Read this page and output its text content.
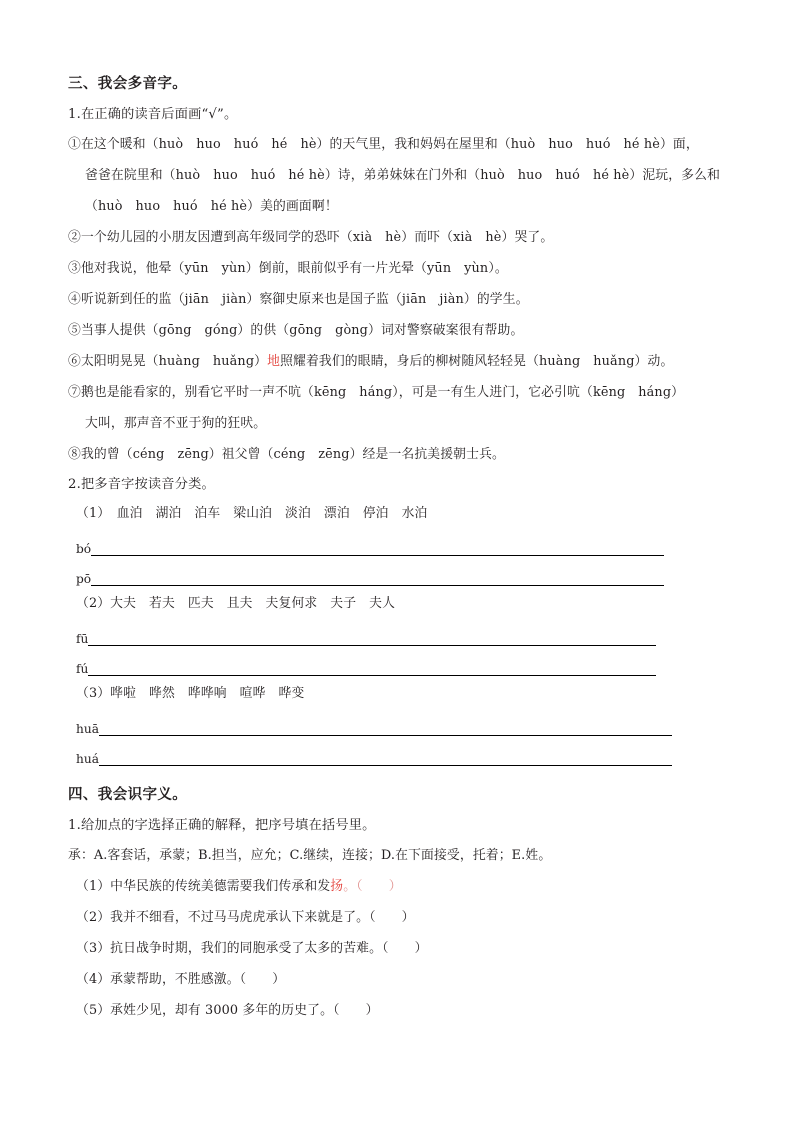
三、我会多音字。

1.在正确的读音后面画“√”。

①在这个暖和（huò　huo　huó　hé　hè）的天气里，我和妈妈在屋里和（huò　huo　huó　hé hè）面，

爸爸在院里和（huò　huo　huó　hé hè）诗，弟弟妹妹在门外和（huò　huo　huó　hé hè）泥玩，多么和

（huò　huo　huó　hé hè）美的画面啊！

②一个幼儿园的小朋友因遭到高年级同学的恐吓（xià　hè）而吓（xià　hè）哭了。

③他对我说，他晕（yūn　yùn）倒前，眼前似乎有一片光晕（yūn　yùn）。

④听说新到任的监（jiān　jiàn）察御史原来也是国子监（jiān　jiàn）的学生。

⑤当事人提供（gōng　góng）的供（gōng　gòng）词对警察破案很有帮助。

⑥太阳明晃晃（huàng　huǎng）地照耀着我们的眼睛，身后的柳树随风轻轻晃（huàng　huǎng）动。

⑦鹅也是能看家的，别看它平时一声不吭（kēng　háng），可是一有生人进门，它必引吭（kēng　háng）

大叫，那声音不亚于狗的狂吠。

⑧我的曾（céng　zēng）祖父曾（céng　zēng）经是一名抗美援朝士兵。

2.把多音字按读音分类。

（1）　血泊　湖泊　泊车　梁山泊　淡泊　漂泊　停泊　水泊

bó
pō

（2）大夫　若夫　匹夫　且夫　夫复何求　夫子　夫人

fū
fú

（3）哗啦　哗然　哗哗响　喧哗　哗变

huā
huá
四、我会识字义。

1.给加点的字选择正确的解释，把序号填在括号里。

承：A.客套话，承蒙；B.担当，应允；C.继续，连接；D.在下面接受，托着；E.姓。

（1）中华民族的传统美德需要我们传承和发扬。（ ）

（2）我并不细看，不过马马虎虎承认下来就是了。（ ）

（3）抗日战争时期，我们的同胞承受了太多的苦难。（ ）

（4）承蒙帮助，不胜感激。（ ）

（5）承姓少见，却有 3000 多年的历史了。（ ）
